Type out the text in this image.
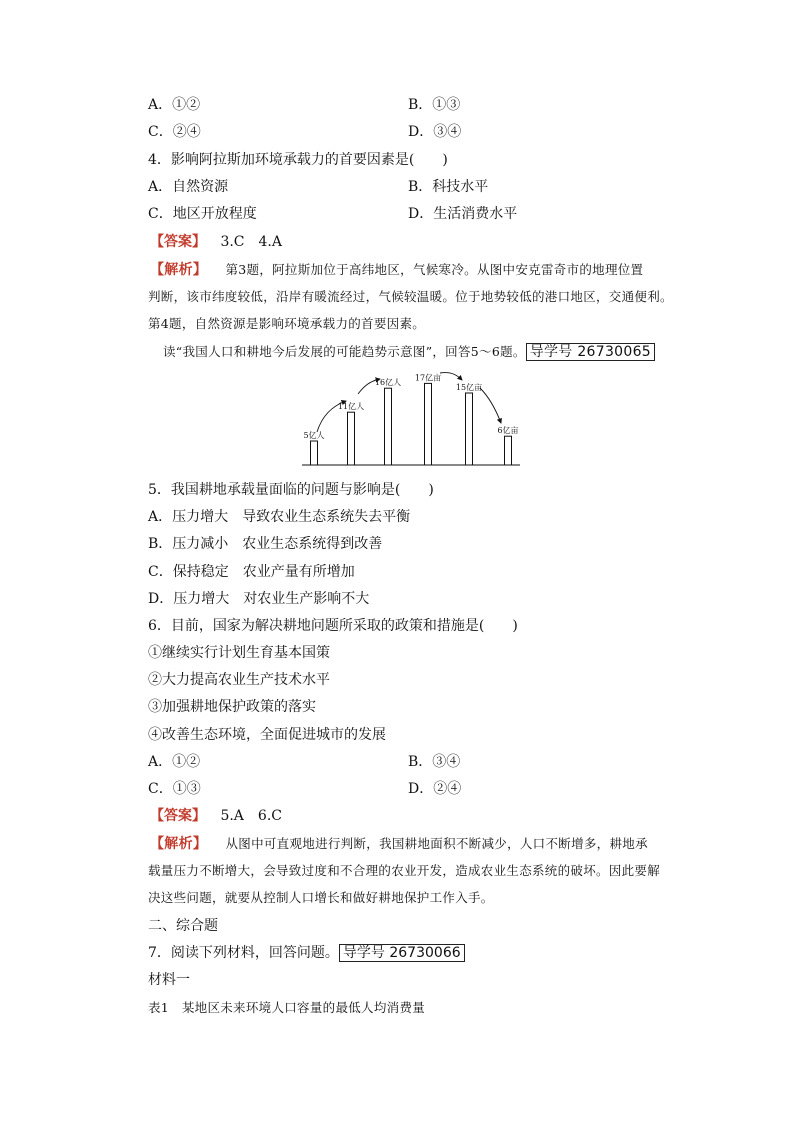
A．①②	B．①③
C．②④	D．③④
4．影响阿拉斯加环境承载力的首要因素是(　　)
A．自然资源	B．科技水平
C．地区开放程度	D．生活消费水平
【答案】 3.C　4.A
【解析】 第3题，阿拉斯加位于高纬地区，气候寒冷。从图中安克雷奇市的地理位置
判断，该市纬度较低，沿岸有暖流经过，气候较温暖。位于地势较低的港口地区，交通便利。
第4题，自然资源是影响环境承载力的首要因素。
读“我国人口和耕地今后发展的可能趋势示意图”，回答5～6题。 导学号 26730065
5亿人
11亿人
16亿人
17亿亩
15亿亩
6亿亩
5．我国耕地承载量面临的问题与影响是(　　)
A．压力增大　导致农业生态系统失去平衡
B．压力减小　农业生态系统得到改善
C．保持稳定　农业产量有所增加
D．压力增大　对农业生产影响不大
6．目前，国家为解决耕地问题所采取的政策和措施是(　　)
①继续实行计划生育基本国策
②大力提高农业生产技术水平
③加强耕地保护政策的落实
④改善生态环境，全面促进城市的发展
A．①②	B．③④
C．①③	D．②④
【答案】 5.A　6.C
【解析】 从图中可直观地进行判断，我国耕地面积不断减少，人口不断增多，耕地承
载量压力不断增大，会导致过度和不合理的农业开发，造成农业生态系统的破坏。因此要解
决这些问题，就要从控制人口增长和做好耕地保护工作入手。
二、综合题
7．阅读下列材料，回答问题。 导学号 26730066
材料一
表1　某地区未来环境人口容量的最低人均消费量
